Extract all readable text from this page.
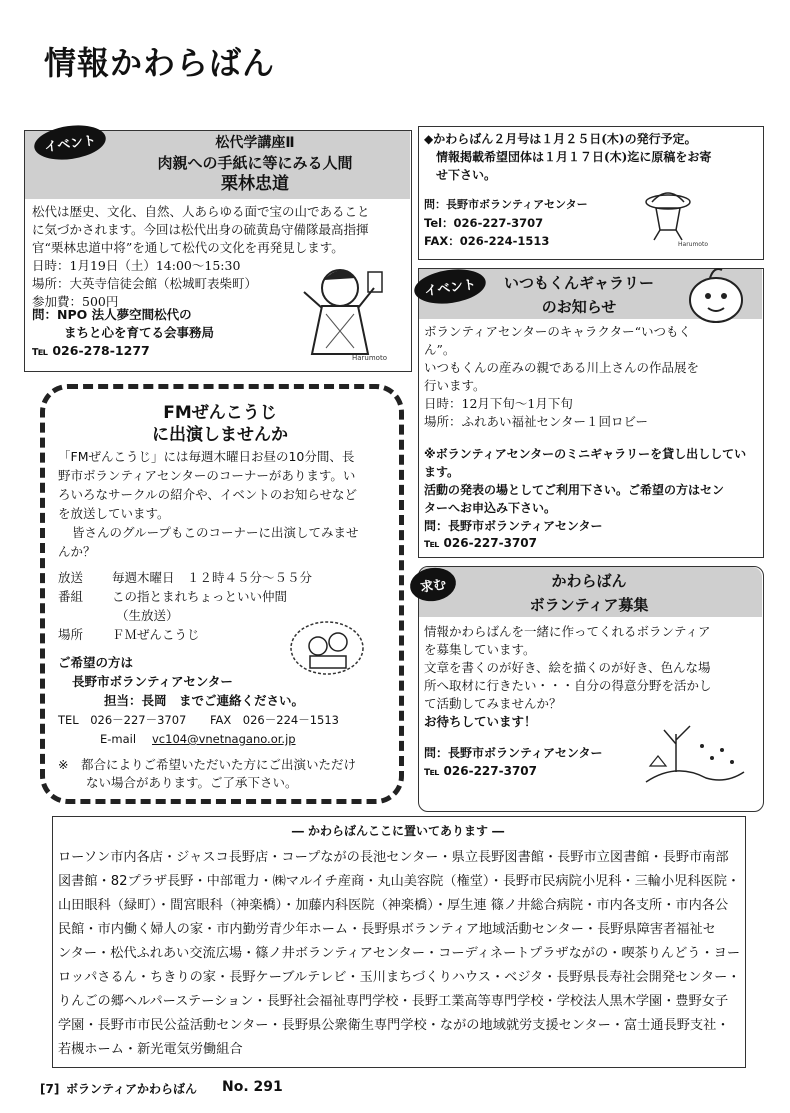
情報かわらばん
イベント	松代学講座Ⅱ
肉親への手紙に等にみる人間
栗林忠道
松代は歴史、文化、自然、人あらゆる面で宝の山であること
に気づかされます。今回は松代出身の硫黄島守備隊最高指揮
官“栗林忠道中将”を通して松代の文化を再発見します。
日時：1月19日（土）14:00～15:30
場所：大英寺信徒会館（松城町表柴町）
参加費：500円
問：NPO 法人夢空間松代の
まちと心を育てる会事務局
℡ 026-278-1277	Harumoto
FMぜんこうじ
に出演しませんか
「FMぜんこうじ」には毎週木曜日お昼の10分間、長
野市ボランティアセンターのコーナーがあります。い
ろいろなサークルの紹介や、イベントのお知らせなど
を放送しています。
皆さんのグループもこのコーナーに出演してみませ
んか？
放送 毎週木曜日　１２時４５分～５５分
番組 この指とまれちょっといい仲間
（生放送）
場所 ＦＭぜんこうじ
ご希望の方は
長野市ボランティアセンター
担当：長岡　までご連絡ください。
TEL　026－227－3707 FAX　026－224－1513
E-mail vc104@vnetnagano.or.jp
※　都合によりご希望いただいた方にご出演いただけ
ない場合があります。ご了承下さい。
◆かわらばん２月号は１月２５日(木)の発行予定。
情報掲載希望団体は１月１７日(木)迄に原稿をお寄
せ下さい。
問：長野市ボランティアセンター
Tel：026-227-3707
FAX：026-224-1513	Harumoto
イベント	いつもくんギャラリー
のお知らせ
ボランティアセンターのキャラクター“いつもく
ん”。
いつもくんの産みの親である川上さんの作品展を
行います。
日時：12月下旬～1月下旬
場所：ふれあい福祉センター１回ロビー
※ボランティアセンターのミニギャラリーを貸し出ししてい
ます。
活動の発表の場としてご利用下さい。ご希望の方はセン
ターへお申込み下さい。
問：長野市ボランティアセンター
℡ 026-227-3707
求む	かわらばん
ボランティア募集
情報かわらばんを一緒に作ってくれるボランティア
を募集しています。
文章を書くのが好き、絵を描くのが好き、色んな場
所へ取材に行きたい・・・自分の得意分野を活かし
て活動してみませんか？
お待ちしています！
問：長野市ボランティアセンター
℡ 026-227-3707
― かわらばんここに置いてあります ―
ローソン市内各店・ジャスコ長野店・コープながの長池センター・県立長野図書館・長野市立図書館・長野市南部
図書館・82プラザ長野・中部電力・㈱マルイチ産商・丸山美容院（権堂）・長野市民病院小児科・三輪小児科医院・
山田眼科（緑町）・間宮眼科（神楽橋）・加藤内科医院（神楽橋）・厚生連 篠ノ井総合病院・市内各支所・市内各公
民館・市内働く婦人の家・市内勤労青少年ホーム・長野県ボランティア地域活動センター・長野県障害者福祉セ
ンター・松代ふれあい交流広場・篠ノ井ボランティアセンター・コーディネートプラザながの・喫茶りんどう・ヨー
ロッパさるん・ちきりの家・長野ケーブルテレビ・玉川まちづくりハウス・ベジタ・長野県長寿社会開発センター・
りんごの郷ヘルパーステーション・長野社会福祉専門学校・長野工業高等専門学校・学校法人黒木学園・豊野女子
学園・長野市市民公益活動センター・長野県公衆衛生専門学校・ながの地域就労支援センター・富士通長野支社・
若槻ホーム・新光電気労働組合
[7] ボランティアかわらばん No. 291
